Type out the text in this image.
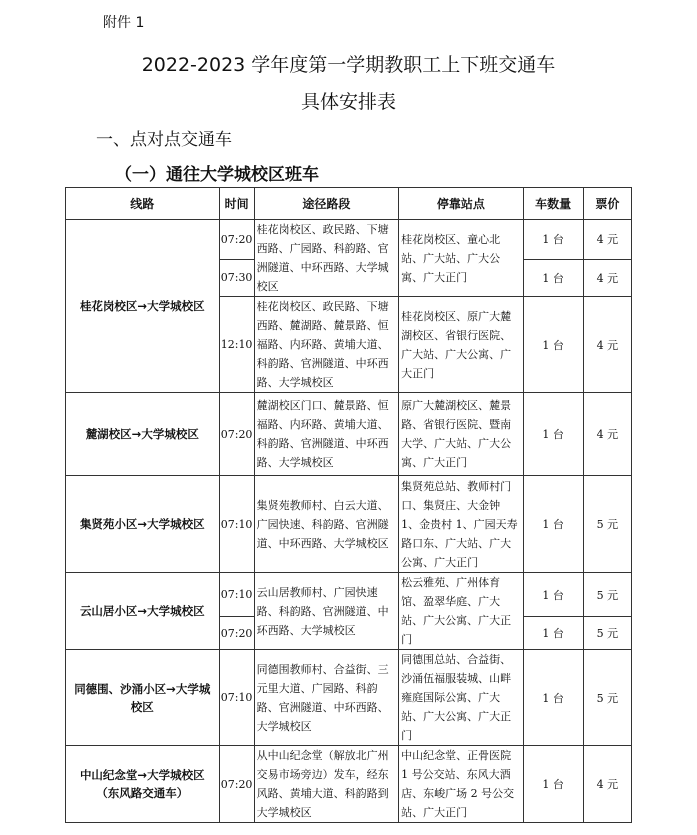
附件 1
2022-2023 学年度第一学期教职工上下班交通车
具体安排表
一、点对点交通车
（一）通往大学城校区班车
线路	时间	途径路段	停靠站点	车数量	票价
桂花岗校区→大学城校区	07:20	桂花岗校区、政民路、下塘西路、广园路、科韵路、官洲隧道、中环西路、大学城校区	桂花岗校区、童心北站、广大站、广大公寓、广大正门	1 台	4 元
	07:30			1 台	4 元
	12:10	桂花岗校区、政民路、下塘西路、麓湖路、麓景路、恒福路、内环路、黄埔大道、科韵路、官洲隧道、中环西路、大学城校区	桂花岗校区、原广大麓湖校区、省银行医院、广大站、广大公寓、广大正门	1 台	4 元
麓湖校区→大学城校区	07:20	麓湖校区门口、麓景路、恒福路、内环路、黄埔大道、科韵路、官洲隧道、中环西路、大学城校区	原广大麓湖校区、麓景路、省银行医院、暨南大学、广大站、广大公寓、广大正门	1 台	4 元
集贤苑小区→大学城校区	07:10	集贤苑教师村、白云大道、广园快速、科韵路、官洲隧道、中环西路、大学城校区	集贤苑总站、教师村门口、集贤庄、大金钟 1、金贵村 1、广园天寿路口东、广大站、广大公寓、广大正门	1 台	5 元
云山居小区→大学城校区	07:10	云山居教师村、广园快速路、科韵路、官洲隧道、中环西路、大学城校区	松云雅苑、广州体育馆、盈翠华庭、广大站、广大公寓、广大正门	1 台	5 元
	07:20			1 台	5 元
同德围、沙涌小区→大学城校区	07:10	同德围教师村、合益街、三元里大道、广园路、科韵路、官洲隧道、中环西路、大学城校区	同德围总站、合益街、沙涌伍福服装城、山畔雍庭国际公寓、广大站、广大公寓、广大正门	1 台	5 元
中山纪念堂→大学城校区（东风路交通车）	07:20	从中山纪念堂（解放北广州交易市场旁边）发车，经东风路、黄埔大道、科韵路到大学城校区	中山纪念堂、正骨医院 1 号公交站、东风大酒店、东峻广场 2 号公交站、广大正门	1 台	4 元
